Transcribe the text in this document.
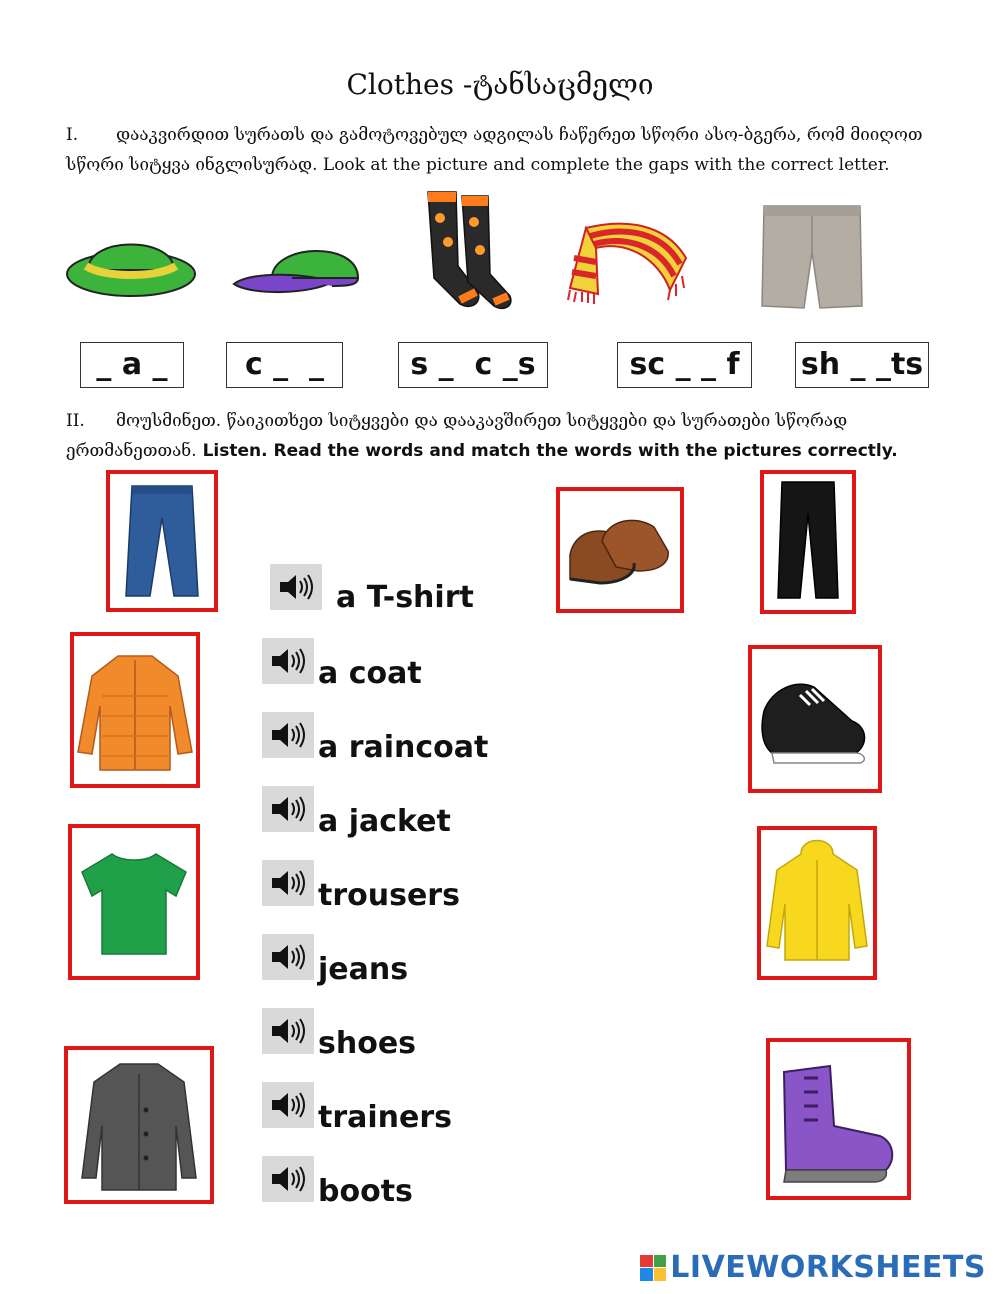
Clothes -ტანსაცმელი
I. დააკვირდით სურათს და გამოტოვებულ ადგილას ჩაწერეთ სწორი ასო-ბგერა, რომ მიიღოთ სწორი სიტყვა ინგლისურად. Look at the picture and complete the gaps with the correct letter.
_ a _	c _  _	s _  c _s	sc _ _ f	sh _ _ts
II. მოუსმინეთ. წაიკითხეთ სიტყვები და დააკავშირეთ სიტყვები და სურათები სწორად ერთმანეთთან. Listen. Read the words and match the words with the pictures correctly.
a T-shirt
a coat
a raincoat
a jacket
trousers
jeans
shoes
trainers
boots
LIVEWORKSHEETS
